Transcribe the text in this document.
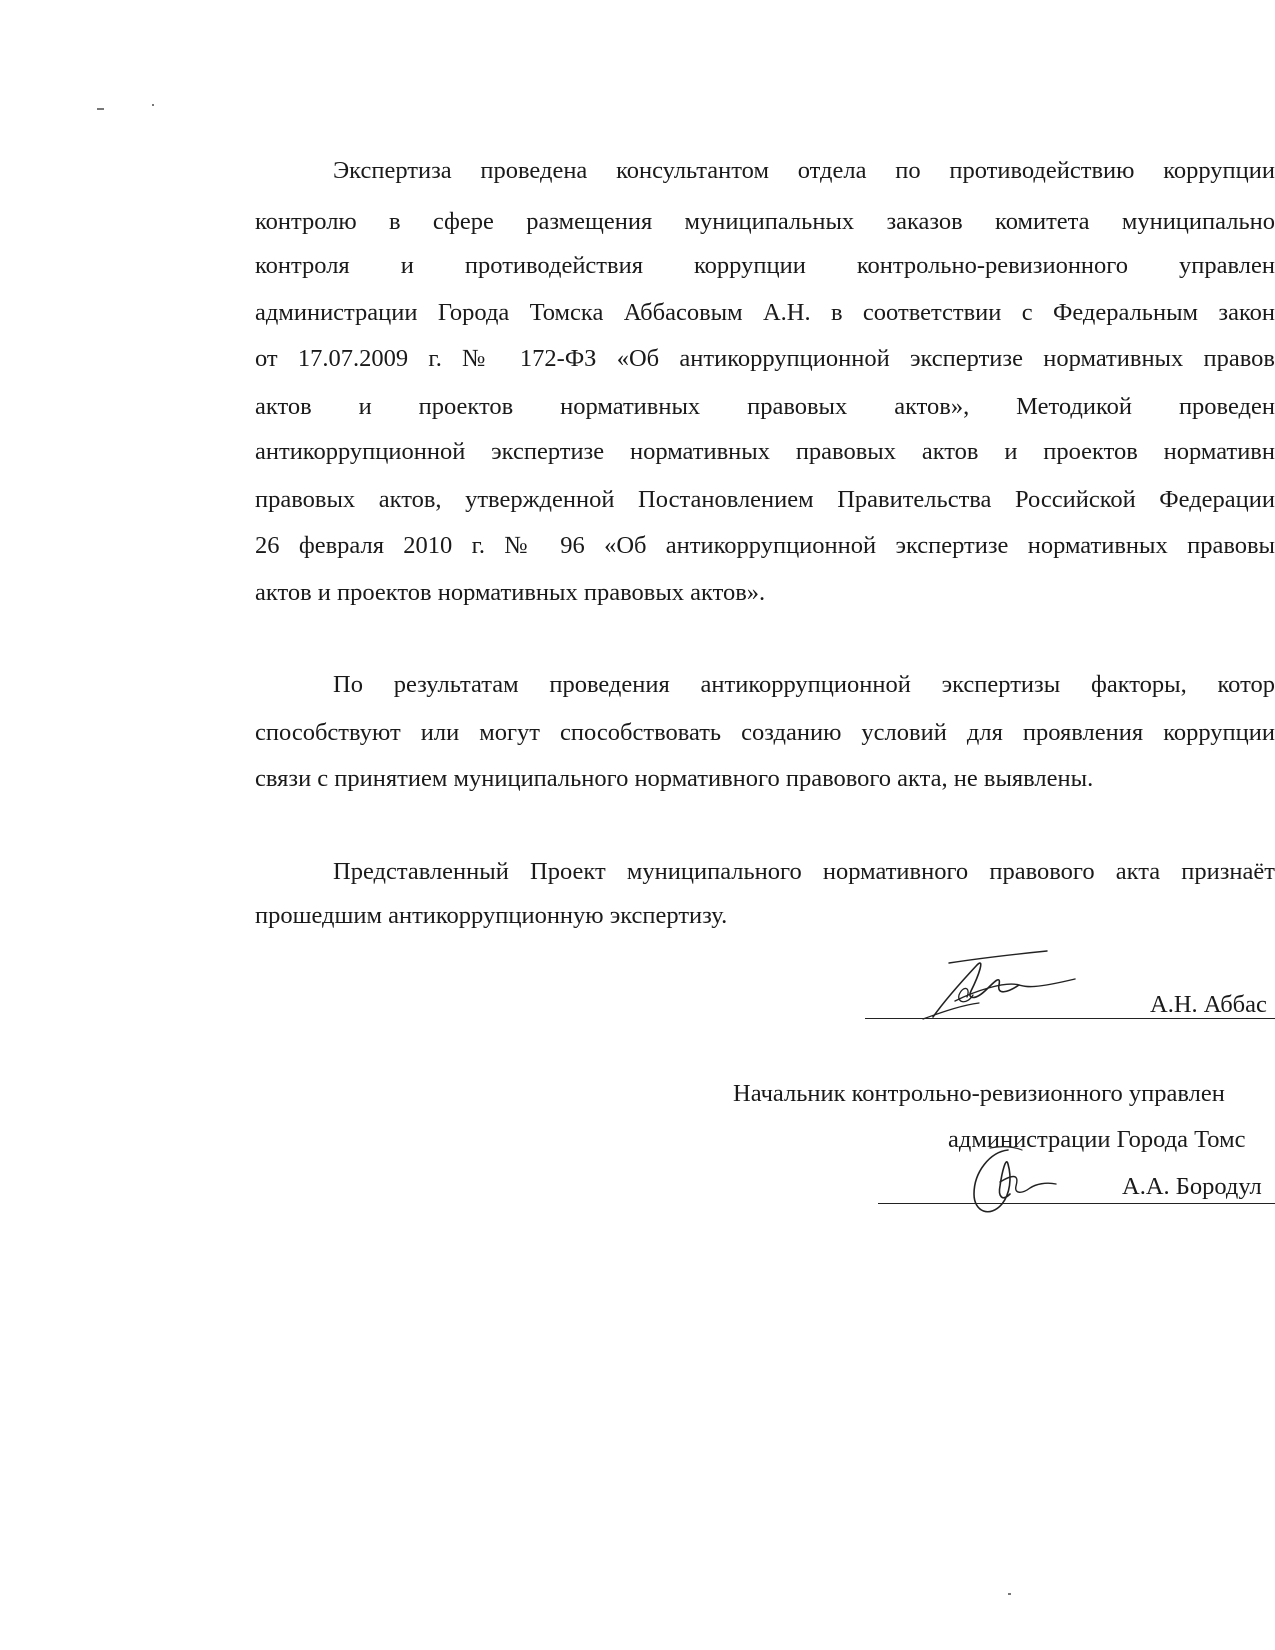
Экспертиза проведена консультантом отдела по противодействию коррупции
контролю в сфере размещения муниципальных заказов комитета муниципально
контроля и противодействия коррупции контрольно-ревизионного управлен
администрации Города Томска Аббасовым А.Н. в соответствии с Федеральным закон
от 17.07.2009 г. № 172-ФЗ «Об антикоррупционной экспертизе нормативных правов
актов и проектов нормативных правовых актов», Методикой проведен
антикоррупционной экспертизе нормативных правовых актов и проектов нормативн
правовых актов, утвержденной Постановлением Правительства Российской Федерации
26 февраля 2010 г. № 96 «Об антикоррупционной экспертизе нормативных правовы
актов и проектов нормативных правовых актов».
По результатам проведения антикоррупционной экспертизы факторы, котор
способствуют или могут способствовать созданию условий для проявления коррупции
связи с принятием муниципального нормативного правового акта, не выявлены.
Представленный Проект муниципального нормативного правового акта признаёт
прошедшим антикоррупционную экспертизу.
А.Н. Аббас
Начальник контрольно-ревизионного управлен
администрации Города Томс
А.А. Бородул
